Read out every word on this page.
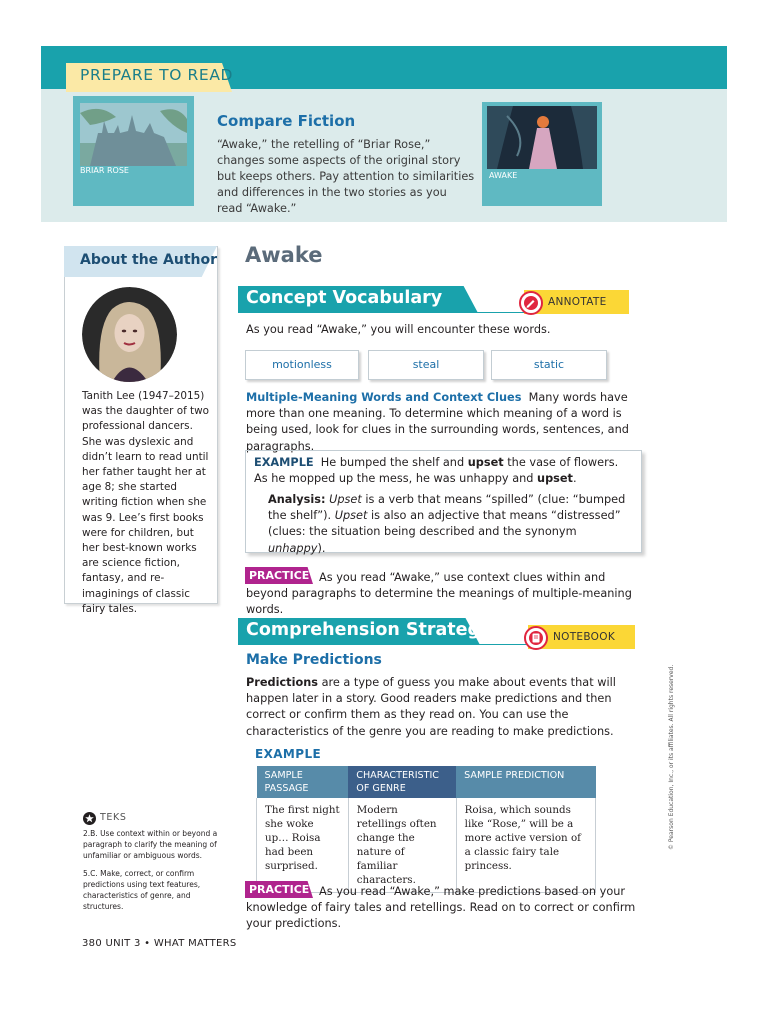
PREPARE TO READ
BRIAR ROSE
AWAKE
Compare Fiction
“Awake,” the retelling of “Briar Rose,” changes some aspects of the original story but keeps others. Pay attention to similarities and differences in the two stories as you read “Awake.”
About the Author
Tanith Lee (1947–2015) was the daughter of two professional dancers. She was dyslexic and didn’t learn to read until her father taught her at age 8; she started writing fiction when she was 9. Lee’s first books were for children, but her best-known works are science fiction, fantasy, and re-imaginings of classic fairy tales.
Awake
Concept Vocabulary	ANNOTATE
As you read “Awake,” you will encounter these words.
motionless	steal	static
Multiple-Meaning Words and Context Clues Many words have more than one meaning. To determine which meaning of a word is being used, look for clues in the surrounding words, sentences, and paragraphs.
EXAMPLE He bumped the shelf and upset the vase of flowers. As he mopped up the mess, he was unhappy and upset.
Analysis: Upset is a verb that means “spilled” (clue: “bumped the shelf”). Upset is also an adjective that means “distressed” (clues: the situation being described and the synonym unhappy).
PRACTICE As you read “Awake,” use context clues within and beyond paragraphs to determine the meanings of multiple-meaning words.
Comprehension Strategy	NOTEBOOK
Make Predictions
Predictions are a type of guess you make about events that will happen later in a story. Good readers make predictions and then correct or confirm them as they read on. You can use the characteristics of the genre you are reading to make predictions.
EXAMPLE
SAMPLE PASSAGE	CHARACTERISTIC OF GENRE	SAMPLE PREDICTION
The first night she woke up… Roisa had been surprised.	Modern retellings often change the nature of familiar characters.	Roisa, which sounds like “Rose,” will be a more active version of a classic fairy tale princess.
PRACTICE As you read “Awake,” make predictions based on your knowledge of fairy tales and retellings. Read on to correct or confirm your predictions.
TEKS
2.B. Use context within or beyond a paragraph to clarify the meaning of unfamiliar or ambiguous words.
5.C. Make, correct, or confirm predictions using text features, characteristics of genre, and structures.
380 UNIT 3 • WHAT MATTERS
© Pearson Education, Inc., or its affiliates. All rights reserved.
